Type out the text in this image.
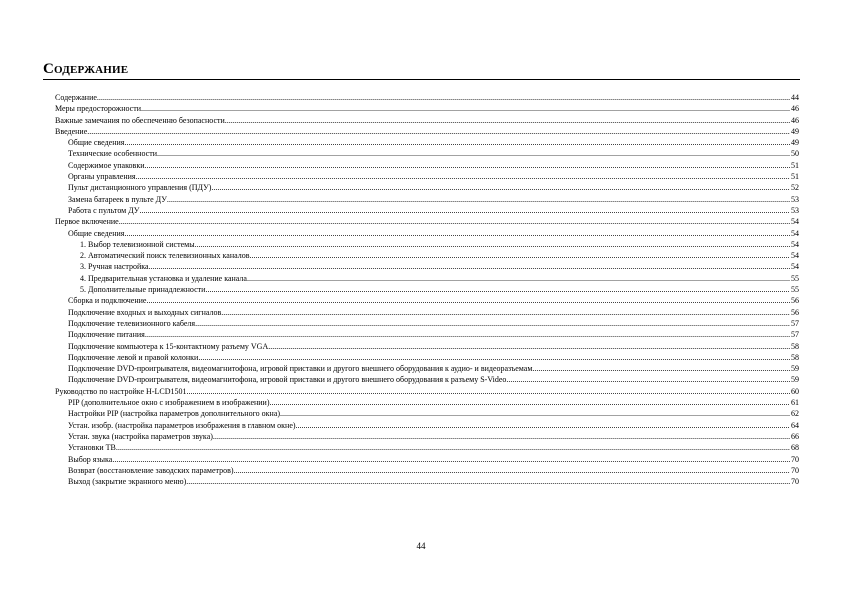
Содержание
Содержание .....	44
Меры предосторожности .....	46
Важные замечания по обеспеченню безопасности .....	46
Введение .....	49
Общие сведения .....	49
Технические особенности .....	50
Содержимое упаковки .....	51
Органы управления .....	51
Пульт дистанционного управления (ПДУ) .....	52
Замена батареек в пульте ДУ .....	53
Работа с пультом ДУ .....	53
Первое включение .....	54
Общие сведения .....	54
1. Выбор телевизионной системы .....	54
2. Автоматический поиск телевизионных каналов .....	54
3. Ручная настройка .....	54
4. Предварительная установка и удаление канала .....	55
5. Дополнительные принадлежности .....	55
Сборка и подключение .....	56
Подключение входных и выходных сигналов .....	56
Подключение телевизионного кабеля .....	57
Подключение питания .....	57
Подключение компьютера к 15-контактному разъему VGA .....	58
Подключение левой и правой колонки .....	58
Подключение DVD-проигрывателя, видеомагнитофона, игровой приставки и другого внешнего оборудования к аудио- и видеоразъемам. .....	59
Подключение DVD-проигрывателя, видеомагнитофона, игровой приставки и другого внешнего оборудования к разъему S-Video .....	59
Руководство по настройке H-LCD1501 .....	60
PIP (дополнительное окно с изображением в изображении) .....	61
Настройки PIP (настройка параметров дополнительного окна) .....	62
Устан. изобр. (настройка параметров изображения в главном окне) .....	64
Устан. звука (настройка параметров звука) .....	66
Установки ТВ .....	68
Выбор языка .....	70
Возврат (восстановление заводских параметров) .....	70
Выход (закрытие экранного меню) .....	70
44
